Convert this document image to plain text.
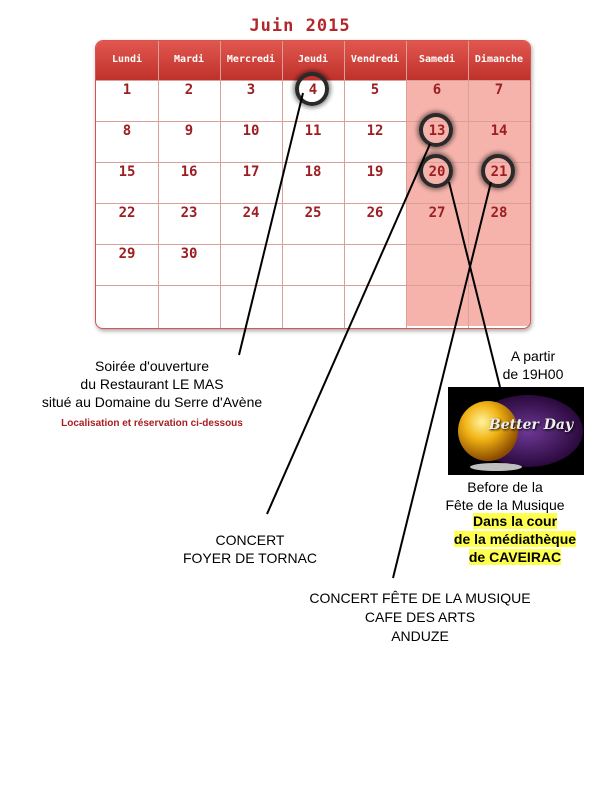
Juin 2015
Lundi	Mardi	Mercredi	Jeudi	Vendredi	Samedi	Dimanche
1	2	3	4	5	6	7
8	9	10	11	12	13	14
15	16	17	18	19	20	21
22	23	24	25	26	27	28
29	30
Soirée d'ouverture
du Restaurant LE MAS
situé au Domaine du Serre d'Avène
Localisation et réservation ci-dessous
CONCERT
FOYER DE TORNAC
A partir
de 19H00
Better Day
Before de la
Fête de la Musique
Dans la cour
de la médiathèque
de CAVEIRAC
CONCERT FÊTE DE LA MUSIQUE
CAFE DES ARTS
ANDUZE
